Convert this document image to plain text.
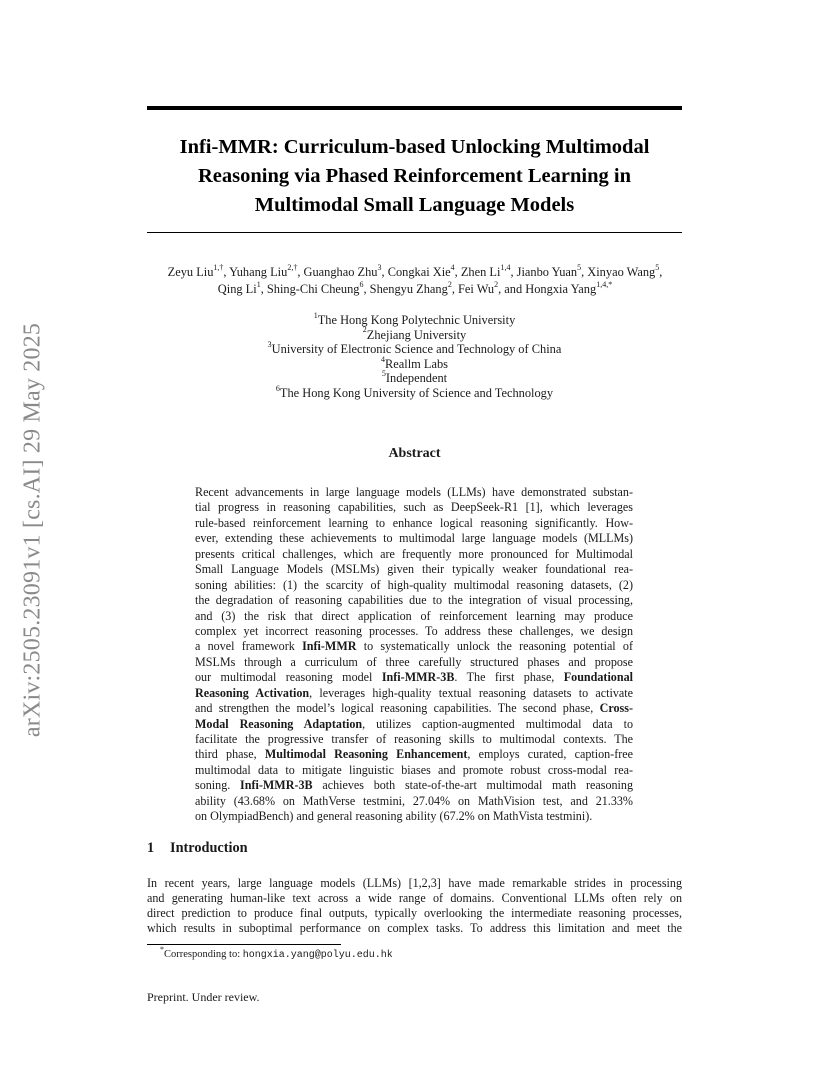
arXiv:2505.23091v1 [cs.AI] 29 May 2025
Infi-MMR: Curriculum-based Unlocking Multimodal
Reasoning via Phased Reinforcement Learning in
Multimodal Small Language Models
Zeyu Liu$^{1,\dagger}$, Yuhang Liu$^{2,\dagger}$, Guanghao Zhu$^3$, Congkai Xie$^4$, Zhen Li$^{1,4}$, Jianbo Yuan$^5$, Xinyao Wang$^5$,
Qing Li$^1$, Shing-Chi Cheung$^6$, Shengyu Zhang$^2$, Fei Wu$^2$, and Hongxia Yang$^{1,4,*}$
$^1$The Hong Kong Polytechnic University
$^2$Zhejiang University
$^3$University of Electronic Science and Technology of China
$^4$Reallm Labs
$^5$Independent
$^6$The Hong Kong University of Science and Technology
Abstract
Recent advancements in large language models (LLMs) have demonstrated substan-
tial progress in reasoning capabilities, such as DeepSeek-R1 [1], which leverages
rule-based reinforcement learning to enhance logical reasoning significantly. How-
ever, extending these achievements to multimodal large language models (MLLMs)
presents critical challenges, which are frequently more pronounced for Multimodal
Small Language Models (MSLMs) given their typically weaker foundational rea-
soning abilities: (1) the scarcity of high-quality multimodal reasoning datasets, (2)
the degradation of reasoning capabilities due to the integration of visual processing,
and (3) the risk that direct application of reinforcement learning may produce
complex yet incorrect reasoning processes. To address these challenges, we design
a novel framework Infi-MMR to systematically unlock the reasoning potential of
MSLMs through a curriculum of three carefully structured phases and propose
our multimodal reasoning model Infi-MMR-3B. The first phase, Foundational
Reasoning Activation, leverages high-quality textual reasoning datasets to activate
and strengthen the model’s logical reasoning capabilities. The second phase, Cross-
Modal Reasoning Adaptation, utilizes caption-augmented multimodal data to
facilitate the progressive transfer of reasoning skills to multimodal contexts. The
third phase, Multimodal Reasoning Enhancement, employs curated, caption-free
multimodal data to mitigate linguistic biases and promote robust cross-modal rea-
soning. Infi-MMR-3B achieves both state-of-the-art multimodal math reasoning
ability (43.68% on MathVerse testmini, 27.04% on MathVision test, and 21.33%
on OlympiadBench) and general reasoning ability (67.2% on MathVista testmini).
1 Introduction
In recent years, large language models (LLMs) [1,2,3] have made remarkable strides in processing
and generating human-like text across a wide range of domains. Conventional LLMs often rely on
direct prediction to produce final outputs, typically overlooking the intermediate reasoning processes,
which results in suboptimal performance on complex tasks. To address this limitation and meet the
*Corresponding to: hongxia.yang@polyu.edu.hk
Preprint. Under review.
